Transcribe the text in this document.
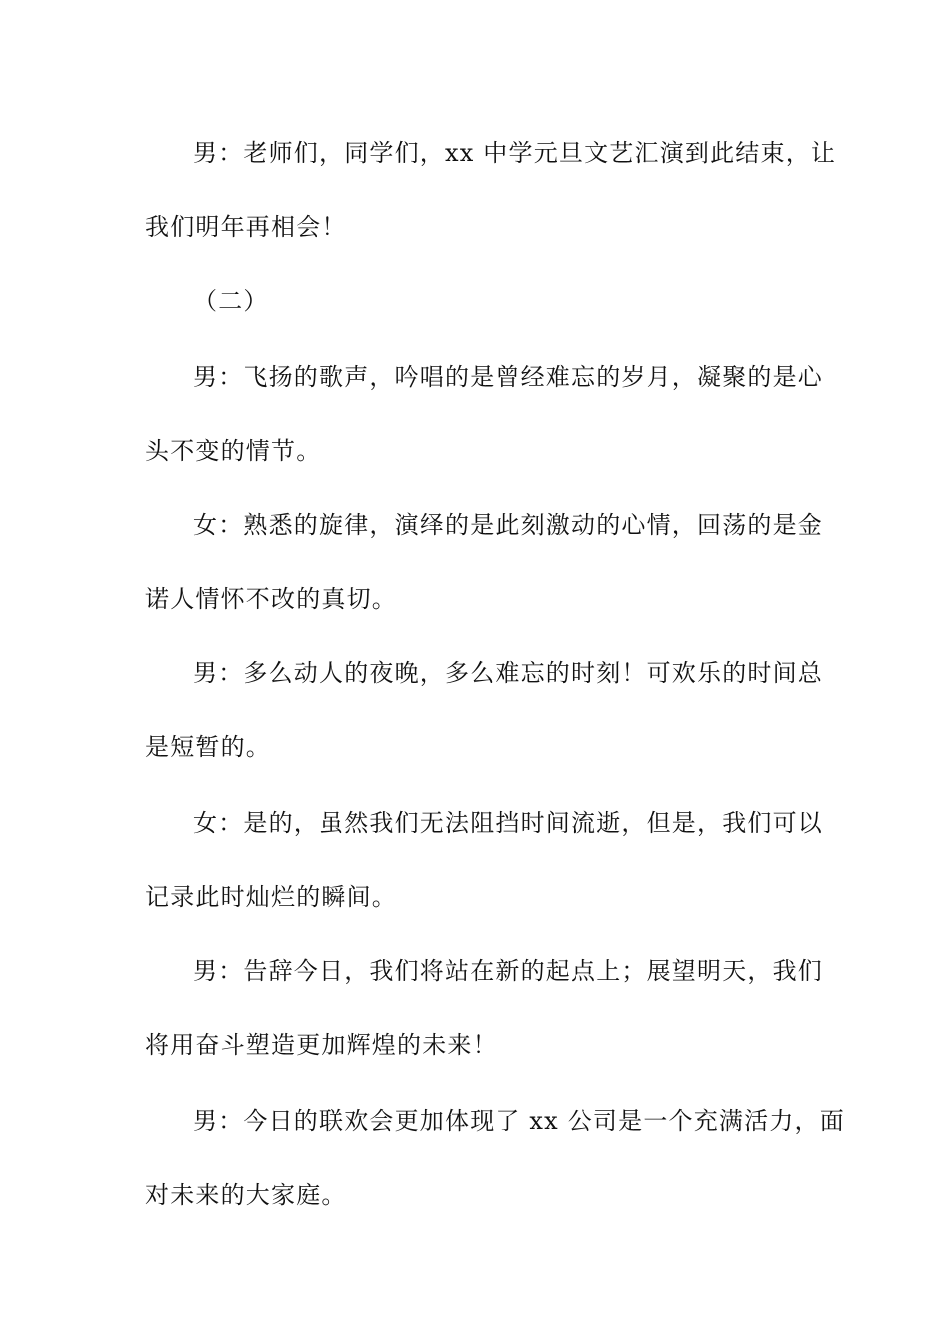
男：老师们，同学们，xx 中学元旦文艺汇演到此结束，让
我们明年再相会！
（二）
男：飞扬的歌声，吟唱的是曾经难忘的岁月，凝聚的是心
头不变的情节。
女：熟悉的旋律，演绎的是此刻激动的心情，回荡的是金
诺人情怀不改的真切。
男：多么动人的夜晚，多么难忘的时刻！可欢乐的时间总
是短暂的。
女：是的，虽然我们无法阻挡时间流逝，但是，我们可以
记录此时灿烂的瞬间。
男：告辞今日，我们将站在新的起点上；展望明天，我们
将用奋斗塑造更加辉煌的未来！
男：今日的联欢会更加体现了 xx 公司是一个充满活力，面
对未来的大家庭。
